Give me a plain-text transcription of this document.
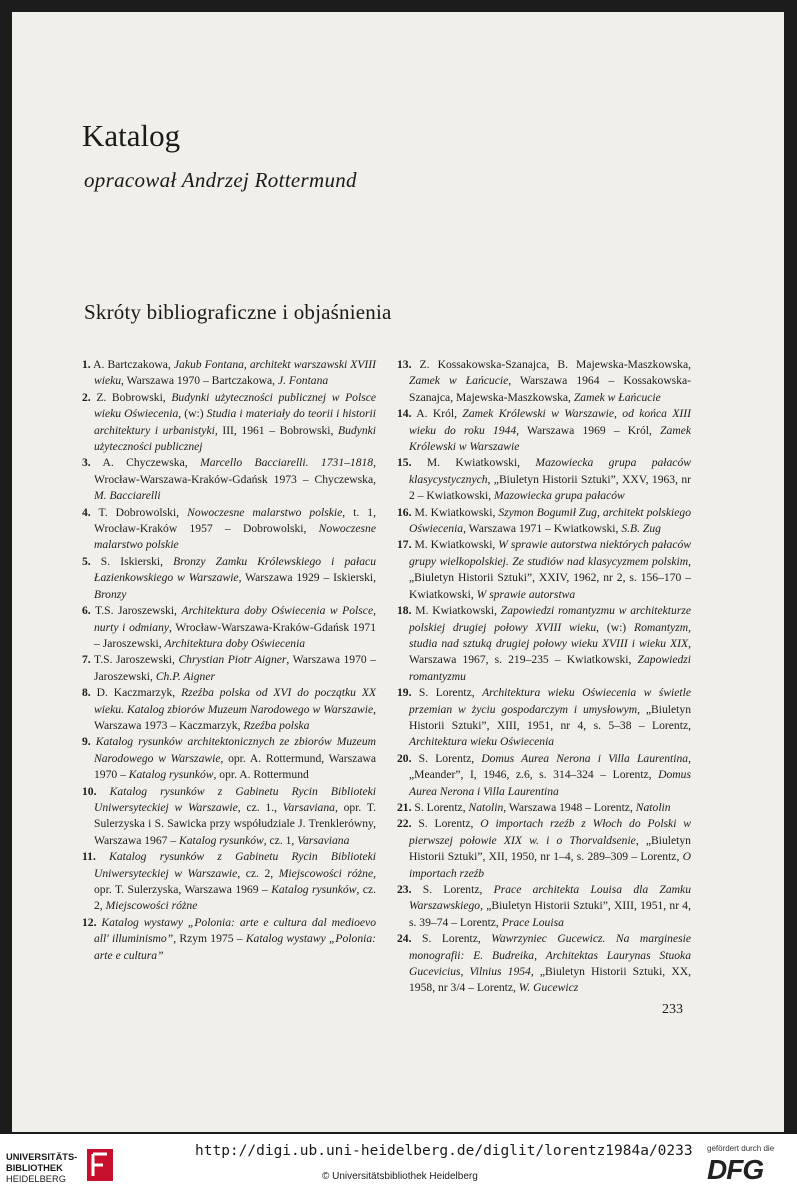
Katalog
opracował Andrzej Rottermund
Skróty bibliograficzne i objaśnienia
1. A. Bartczakowa, Jakub Fontana, architekt warszawski XVIII wieku, Warszawa 1970 – Bartczakowa, J. Fontana
2. Z. Bobrowski, Budynki użyteczności publicznej w Polsce wieku Oświecenia, (w:) Studia i materiały do teorii i historii architektury i urbanistyki, III, 1961 – Bobrowski, Budynki użyteczności publicznej
3. A. Chyczewska, Marcello Bacciarelli. 1731–1818, Wrocław-Warszawa-Kraków-Gdańsk 1973 – Chyczewska, M. Bacciarelli
4. T. Dobrowolski, Nowoczesne malarstwo polskie, t. 1, Wrocław-Kraków 1957 – Dobrowolski, Nowoczesne malarstwo polskie
5. S. Iskierski, Bronzy Zamku Królewskiego i pałacu Łazienkowskiego w Warszawie, Warszawa 1929 – Iskierski, Bronzy
6. T.S. Jaroszewski, Architektura doby Oświecenia w Polsce, nurty i odmiany, Wrocław-Warszawa-Kraków-Gdańsk 1971 – Jaroszewski, Architektura doby Oświecenia
7. T.S. Jaroszewski, Chrystian Piotr Aigner, Warszawa 1970 – Jaroszewski, Ch.P. Aigner
8. D. Kaczmarzyk, Rzeźba polska od XVI do początku XX wieku. Katalog zbiorów Muzeum Narodowego w Warszawie, Warszawa 1973 – Kaczmarzyk, Rzeźba polska
9. Katalog rysunków architektonicznych ze zbiorów Muzeum Narodowego w Warszawie, opr. A. Rottermund, Warszawa 1970 – Katalog rysunków, opr. A. Rottermund
10. Katalog rysunków z Gabinetu Rycin Biblioteki Uniwersyteckiej w Warszawie, cz. 1., Varsaviana, opr. T. Sulerzyska i S. Sawicka przy współudziale J. Trenklerówny, Warszawa 1967 – Katalog rysunków, cz. 1, Varsaviana
11. Katalog rysunków z Gabinetu Rycin Biblioteki Uniwersyteckiej w Warszawie, cz. 2, Miejscowości różne, opr. T. Sulerzyska, Warszawa 1969 – Katalog rysunków, cz. 2, Miejscowości różne
12. Katalog wystawy „Polonia: arte e cultura dal medioevo all' illuminismo”, Rzym 1975 – Katalog wystawy „Polonia: arte e cultura”
13. Z. Kossakowska-Szanajca, B. Majewska-Maszkowska, Zamek w Łańcucie, Warszawa 1964 – Kossakowska-Szanajca, Majewska-Maszkowska, Zamek w Łańcucie
14. A. Król, Zamek Królewski w Warszawie, od końca XIII wieku do roku 1944, Warszawa 1969 – Król, Zamek Królewski w Warszawie
15. M. Kwiatkowski, Mazowiecka grupa pałaców klasycystycznych, „Biuletyn Historii Sztuki”, XXV, 1963, nr 2 – Kwiatkowski, Mazowiecka grupa pałaców
16. M. Kwiatkowski, Szymon Bogumił Zug, architekt polskiego Oświecenia, Warszawa 1971 – Kwiatkowski, S.B. Zug
17. M. Kwiatkowski, W sprawie autorstwa niektórych pałaców grupy wielkopolskiej. Ze studiów nad klasycyzmem polskim, „Biuletyn Historii Sztuki”, XXIV, 1962, nr 2, s. 156–170 – Kwiatkowski, W sprawie autorstwa
18. M. Kwiatkowski, Zapowiedzi romantyzmu w architekturze polskiej drugiej połowy XVIII wieku, (w:) Romantyzm, studia nad sztuką drugiej połowy wieku XVIII i wieku XIX, Warszawa 1967, s. 219–235 – Kwiatkowski, Zapowiedzi romantyzmu
19. S. Lorentz, Architektura wieku Oświecenia w świetle przemian w życiu gospodarczym i umysłowym, „Biuletyn Historii Sztuki”, XIII, 1951, nr 4, s. 5–38 – Lorentz, Architektura wieku Oświecenia
20. S. Lorentz, Domus Aurea Nerona i Villa Laurentina, „Meander”, I, 1946, z.6, s. 314–324 – Lorentz, Domus Aurea Nerona i Villa Laurentina
21. S. Lorentz, Natolin, Warszawa 1948 – Lorentz, Natolin
22. S. Lorentz, O importach rzeźb z Włoch do Polski w pierwszej połowie XIX w. i o Thorvaldsenie, „Biuletyn Historii Sztuki”, XII, 1950, nr 1–4, s. 289–309 – Lorentz, O importach rzeźb
23. S. Lorentz, Prace architekta Louisa dla Zamku Warszawskiego, „Biuletyn Historii Sztuki”, XIII, 1951, nr 4, s. 39–74 – Lorentz, Prace Louisa
24. S. Lorentz, Wawrzyniec Gucewicz. Na marginesie monografii: E. Budreika, Architektas Laurynas Stuoka Gucevicius, Vilnius 1954, „Biuletyn Historii Sztuki, XX, 1958, nr 3/4 – Lorentz, W. Gucewicz
233
UNIVERSITÄTS-
BIBLIOTHEK
HEIDELBERG
http://digi.ub.uni-heidelberg.de/diglit/lorentz1984a/0233
© Universitätsbibliothek Heidelberg
gefördert durch die
DFG
